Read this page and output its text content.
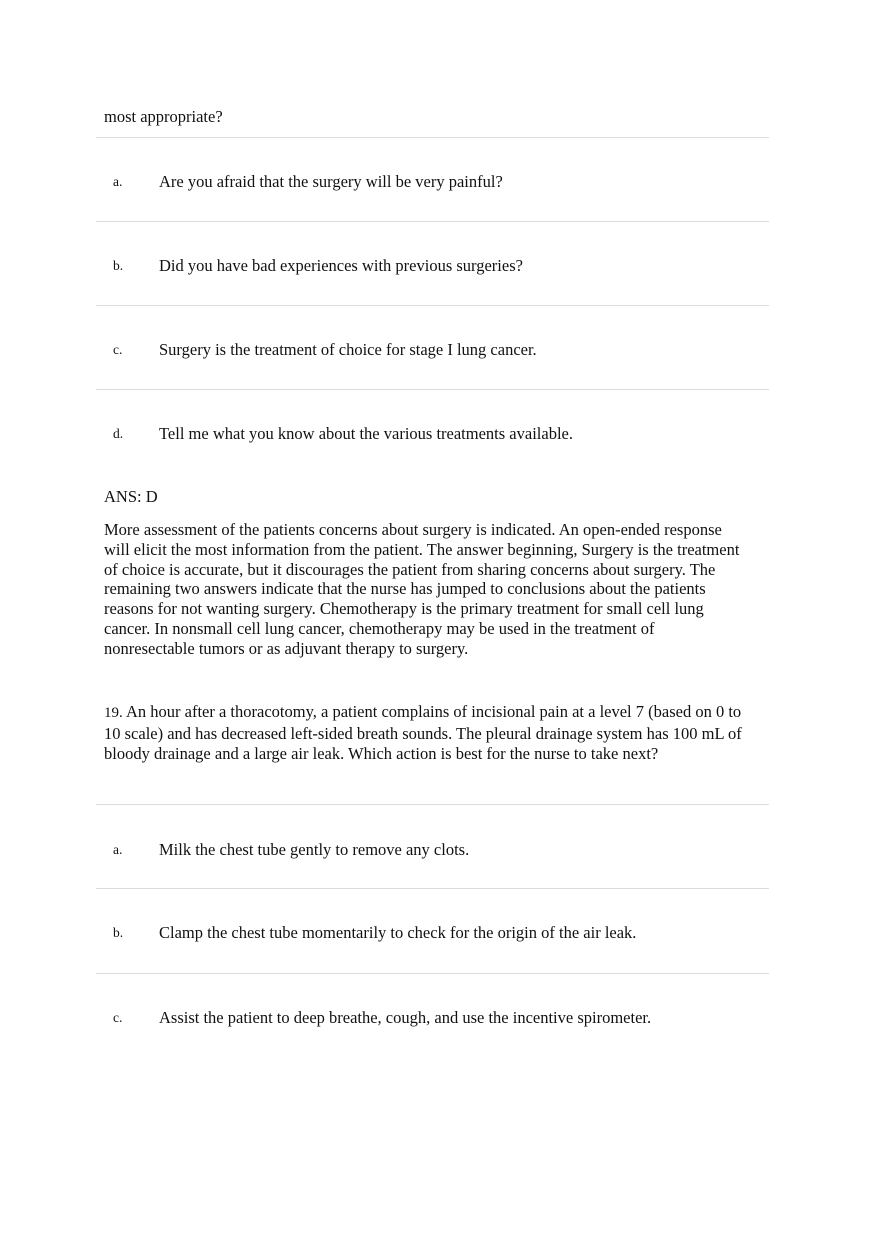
most appropriate?
a. Are you afraid that the surgery will be very painful?
b. Did you have bad experiences with previous surgeries?
c. Surgery is the treatment of choice for stage I lung cancer.
d. Tell me what you know about the various treatments available.
ANS: D
More assessment of the patients concerns about surgery is indicated. An open-ended response
will elicit the most information from the patient. The answer beginning, Surgery is the treatment
of choice is accurate, but it discourages the patient from sharing concerns about surgery. The
remaining two answers indicate that the nurse has jumped to conclusions about the patients
reasons for not wanting surgery. Chemotherapy is the primary treatment for small cell lung
cancer. In nonsmall cell lung cancer, chemotherapy may be used in the treatment of
nonresectable tumors or as adjuvant therapy to surgery.
19. An hour after a thoracotomy, a patient complains of incisional pain at a level 7 (based on 0 to
10 scale) and has decreased left-sided breath sounds. The pleural drainage system has 100 mL of
bloody drainage and a large air leak. Which action is best for the nurse to take next?
a. Milk the chest tube gently to remove any clots.
b. Clamp the chest tube momentarily to check for the origin of the air leak.
c. Assist the patient to deep breathe, cough, and use the incentive spirometer.
